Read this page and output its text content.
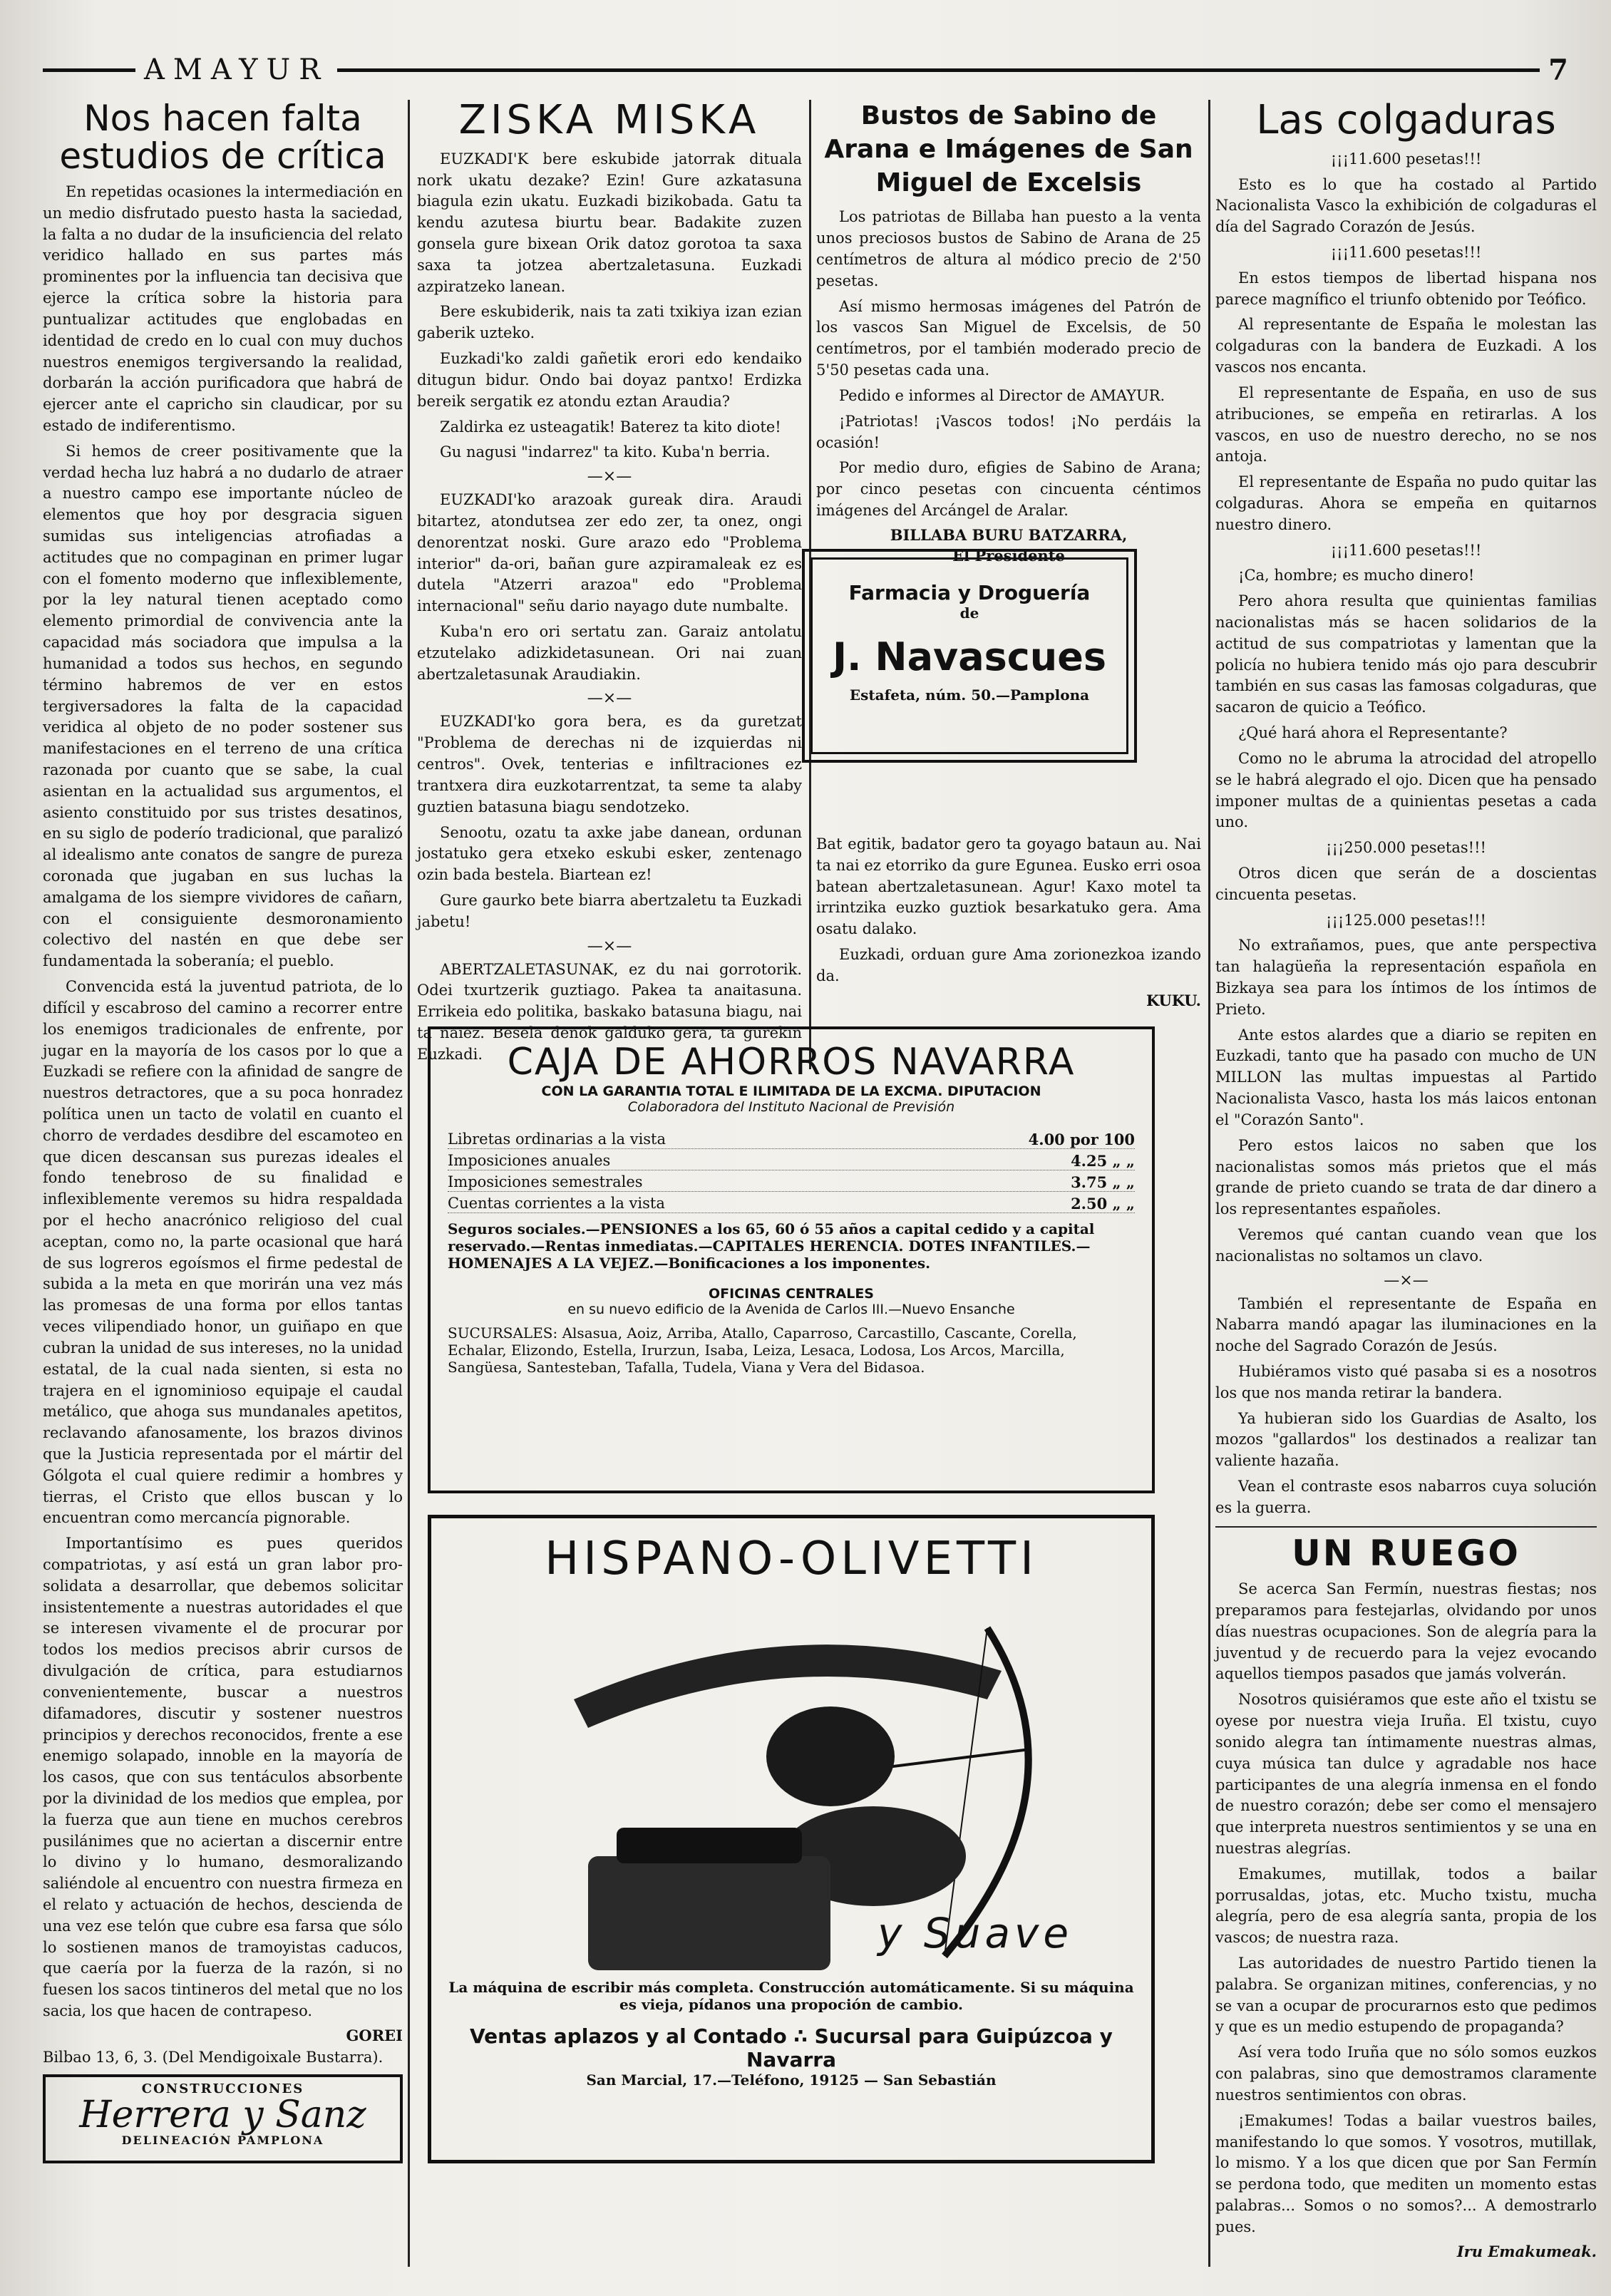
AMAYUR	7
Nos hacen falta estudios de crítica

En repetidas ocasiones la intermediación en un medio disfrutado puesto hasta la saciedad, la falta a no dudar de la insuficiencia del relato veridico hallado en sus partes más prominentes por la influencia tan decisiva que ejerce la crítica sobre la historia para puntualizar actitudes que englobadas en identidad de credo en lo cual con muy duchos nuestros enemigos tergiversando la realidad, dorbarán la acción purificadora que habrá de ejercer ante el capricho sin claudicar, por su estado de indiferentismo.

Si hemos de creer positivamente que la verdad hecha luz habrá a no dudarlo de atraer a nuestro campo ese importante núcleo de elementos que hoy por desgracia siguen sumidas sus inteligencias atrofiadas a actitudes que no compaginan en primer lugar con el fomento moderno que inflexiblemente, por la ley natural tienen aceptado como elemento primordial de convivencia ante la capacidad más sociadora que impulsa a la humanidad a todos sus hechos, en segundo término habremos de ver en estos tergiversadores la falta de la capacidad veridica al objeto de no poder sostener sus manifestaciones en el terreno de una crítica razonada por cuanto que se sabe, la cual asientan en la actualidad sus argumentos, el asiento constituido por sus tristes desatinos, en su siglo de poderío tradicional, que paralizó al idealismo ante conatos de sangre de pureza coronada que jugaban en sus luchas la amalgama de los siempre vividores de cañarn, con el consiguiente desmoronamiento colectivo del nastén en que debe ser fundamentada la soberanía; el pueblo.

Convencida está la juventud patriota, de lo difícil y escabroso del camino a recorrer entre los enemigos tradicionales de enfrente, por jugar en la mayoría de los casos por lo que a Euzkadi se refiere con la afinidad de sangre de nuestros detractores, que a su poca honradez política unen un tacto de volatil en cuanto el chorro de verdades desdibre del escamoteo en que dicen descansan sus purezas ideales el fondo tenebroso de su finalidad e inflexiblemente veremos su hidra respaldada por el hecho anacrónico religioso del cual aceptan, como no, la parte ocasional que hará de sus logreros egoísmos el firme pedestal de subida a la meta en que morirán una vez más las promesas de una forma por ellos tantas veces vilipendiado honor, un guiñapo en que cubran la unidad de sus intereses, no la unidad estatal, de la cual nada sienten, si esta no trajera en el ignominioso equipaje el caudal metálico, que ahoga sus mundanales apetitos, reclavando afanosamente, los brazos divinos que la Justicia representada por el mártir del Gólgota el cual quiere redimir a hombres y tierras, el Cristo que ellos buscan y lo encuentran como mercancía pignorable.

Importantísimo es pues queridos compatriotas, y así está un gran labor pro-solidata a desarrollar, que debemos solicitar insistentemente a nuestras autoridades el que se interesen vivamente el de procurar por todos los medios precisos abrir cursos de divulgación de crítica, para estudiarnos convenientemente, buscar a nuestros difamadores, discutir y sostener nuestros principios y derechos reconocidos, frente a ese enemigo solapado, innoble en la mayoría de los casos, que con sus tentáculos absorbente por la divinidad de los medios que emplea, por la fuerza que aun tiene en muchos cerebros pusilánimes que no aciertan a discernir entre lo divino y lo humano, desmoralizando saliéndole al encuentro con nuestra firmeza en el relato y actuación de hechos, descienda de una vez ese telón que cubre esa farsa que sólo lo sostienen manos de tramoyistas caducos, que caería por la fuerza de la razón, si no fuesen los sacos tintineros del metal que no los sacia, los que hacen de contrapeso.

GOREI

Bilbao 13, 6, 3. (Del Mendigoixale Bustarra).

ZISKA MISKA

EUZKADI'K bere eskubide jatorrak dituala nork ukatu dezake? Ezin! Gure azkatasuna biagula ezin ukatu. Euzkadi bizikobada. Gatu ta kendu azutesa biurtu bear. Badakite zuzen gonsela gure bixean Orik datoz gorotoa ta saxa saxa ta jotzea abertzaletasuna. Euzkadi azpiratzeko lanean.

Bere eskubiderik, nais ta zati txikiya izan ezian gaberik uzteko.

Euzkadi'ko zaldi gañetik erori edo kendaiko ditugun bidur. Ondo bai doyaz pantxo! Erdizka bereik sergatik ez atondu eztan Araudia?

Zaldirka ez usteagatik! Baterez ta kito diote!

Gu nagusi "indarrez" ta kito. Kuba'n berria.

—×—

EUZKADI'ko arazoak gureak dira. Araudi bitartez, atondutsea zer edo zer, ta onez, ongi denorentzat noski. Gure arazo edo "Problema interior" da-ori, bañan gure azpiramaleak ez es dutela "Atzerri arazoa" edo "Problema internacional" señu dario nayago dute numbalte.

Kuba'n ero ori sertatu zan. Garaiz antolatu etzutelako adizkidetasunean. Ori nai zuan abertzaletasunak Araudiakin.

—×—

EUZKADI'ko gora bera, es da guretzat "Problema de derechas ni de izquierdas ni centros". Ovek, tenterias e infiltraciones ez trantxera dira euzkotarrentzat, ta seme ta alaby guztien batasuna biagu sendotzeko.

Senootu, ozatu ta axke jabe danean, ordunan jostatuko gera etxeko eskubi esker, zentenago ozin bada bestela. Biartean ez!

Gure gaurko bete biarra abertzaletu ta Euzkadi jabetu!

—×—

ABERTZALETASUNAK, ez du nai gorrotorik. Odei txurtzerik guztiago. Pakea ta anaitasuna. Errikeia edo politika, baskako batasuna biagu, nai ta naiez. Besela denok galduko gera, ta gurekin Euzkadi.

Bustos de Sabino de Arana e Imágenes de San Miguel de Excelsis

Los patriotas de Billaba han puesto a la venta unos preciosos bustos de Sabino de Arana de 25 centímetros de altura al módico precio de 2'50 pesetas.

Así mismo hermosas imágenes del Patrón de los vascos San Miguel de Excelsis, de 50 centímetros, por el también moderado precio de 5'50 pesetas cada una.

Pedido e informes al Director de AMAYUR.

¡Patriotas! ¡Vascos todos! ¡No perdáis la ocasión!

Por medio duro, efigies de Sabino de Arana; por cinco pesetas con cincuenta céntimos imágenes del Arcángel de Aralar.

BILLABA BURU BATZARRA,
El Presidente

Bat egitik, badator gero ta goyago bataun au. Nai ta nai ez etorriko da gure Egunea. Eusko erri osoa batean abertzaletasunean. Agur! Kaxo motel ta irrintzika euzko guztiok besarkatuko gera. Ama osatu dalako.

Euzkadi, orduan gure Ama zorionezkoa izando da.

KUKU.
Las colgaduras

¡¡¡11.600 pesetas!!!

Esto es lo que ha costado al Partido Nacionalista Vasco la exhibición de colgaduras el día del Sagrado Corazón de Jesús.

¡¡¡11.600 pesetas!!!

En estos tiempos de libertad hispana nos parece magnífico el triunfo obtenido por Teófico.

Al representante de España le molestan las colgaduras con la bandera de Euzkadi. A los vascos nos encanta.

El representante de España, en uso de sus atribuciones, se empeña en retirarlas. A los vascos, en uso de nuestro derecho, no se nos antoja.

El representante de España no pudo quitar las colgaduras. Ahora se empeña en quitarnos nuestro dinero.

¡¡¡11.600 pesetas!!!

¡Ca, hombre; es mucho dinero!

Pero ahora resulta que quinientas familias nacionalistas más se hacen solidarios de la actitud de sus compatriotas y lamentan que la policía no hubiera tenido más ojo para descubrir también en sus casas las famosas colgaduras, que sacaron de quicio a Teófico.

¿Qué hará ahora el Representante?

Como no le abruma la atrocidad del atropello se le habrá alegrado el ojo. Dicen que ha pensado imponer multas de a quinientas pesetas a cada uno.

¡¡¡250.000 pesetas!!!

Otros dicen que serán de a doscientas cincuenta pesetas.

¡¡¡125.000 pesetas!!!

No extrañamos, pues, que ante perspectiva tan halagüeña la representación española en Bizkaya sea para los íntimos de los íntimos de Prieto.

Ante estos alardes que a diario se repiten en Euzkadi, tanto que ha pasado con mucho de UN MILLON las multas impuestas al Partido Nacionalista Vasco, hasta los más laicos entonan el "Corazón Santo".

Pero estos laicos no saben que los nacionalistas somos más prietos que el más grande de prieto cuando se trata de dar dinero a los representantes españoles.

Veremos qué cantan cuando vean que los nacionalistas no soltamos un clavo.

—×—

También el representante de España en Nabarra mandó apagar las iluminaciones en la noche del Sagrado Corazón de Jesús.

Hubiéramos visto qué pasaba si es a nosotros los que nos manda retirar la bandera.

Ya hubieran sido los Guardias de Asalto, los mozos "gallardos" los destinados a realizar tan valiente hazaña.

Vean el contraste esos nabarros cuya solución es la guerra.

UN RUEGO

Se acerca San Fermín, nuestras fiestas; nos preparamos para festejarlas, olvidando por unos días nuestras ocupaciones. Son de alegría para la juventud y de recuerdo para la vejez evocando aquellos tiempos pasados que jamás volverán.

Nosotros quisiéramos que este año el txistu se oyese por nuestra vieja Iruña. El txistu, cuyo sonido alegra tan íntimamente nuestras almas, cuya música tan dulce y agradable nos hace participantes de una alegría inmensa en el fondo de nuestro corazón; debe ser como el mensajero que interpreta nuestros sentimientos y se una en nuestras alegrías.

Emakumes, mutillak, todos a bailar porrusaldas, jotas, etc. Mucho txistu, mucha alegría, pero de esa alegría santa, propia de los vascos; de nuestra raza.

Las autoridades de nuestro Partido tienen la palabra. Se organizan mitines, conferencias, y no se van a ocupar de procurarnos esto que pedimos y que es un medio estupendo de propaganda?

Así vera todo Iruña que no sólo somos euzkos con palabras, sino que demostramos claramente nuestros sentimientos con obras.

¡Emakumes! Todas a bailar vuestros bailes, manifestando lo que somos. Y vosotros, mutillak, lo mismo. Y a los que dicen que por San Fermín se perdona todo, que mediten un momento estas palabras... Somos o no somos?... A demostrarlo pues.

Iru Emakumeak.
Farmacia y Droguería
de
J. Navascues
Estafeta, núm. 50.—Pamplona
CAJA DE AHORROS NAVARRA
CON LA GARANTIA TOTAL E ILIMITADA DE LA EXCMA. DIPUTACION
Colaboradora del Instituto Nacional de Previsión
Libretas ordinarias a la vista	4.00 por 100
Imposiciones anuales	4.25 „ „
Imposiciones semestrales	3.75 „ „
Cuentas corrientes a la vista	2.50 „ „
Seguros sociales.—PENSIONES a los 65, 60 ó 55 años a capital cedido y a capital reservado.—Rentas inmediatas.—CAPITALES HERENCIA. DOTES INFANTILES.—HOMENAJES A LA VEJEZ.—Bonificaciones a los imponentes.
OFICINAS CENTRALES
en su nuevo edificio de la Avenida de Carlos III.—Nuevo Ensanche
SUCURSALES: Alsasua, Aoiz, Arriba, Atallo, Caparroso, Carcastillo, Cascante, Corella, Echalar, Elizondo, Estella, Irurzun, Isaba, Leiza, Lesaca, Lodosa, Los Arcos, Marcilla, Sangüesa, Santesteban, Tafalla, Tudela, Viana y Vera del Bidasoa.
HISPANO-OLIVETTI
y Suave
La máquina de escribir más completa. Construcción automáticamente. Si su máquina es vieja, pídanos una propoción de cambio.
Ventas aplazos y al Contado ∴ Sucursal para Guipúzcoa y Navarra
San Marcial, 17.—Teléfono, 19125 — San Sebastián
CONSTRUCCIONES
Herrera y Sanz
DELINEACIÓN PAMPLONA
